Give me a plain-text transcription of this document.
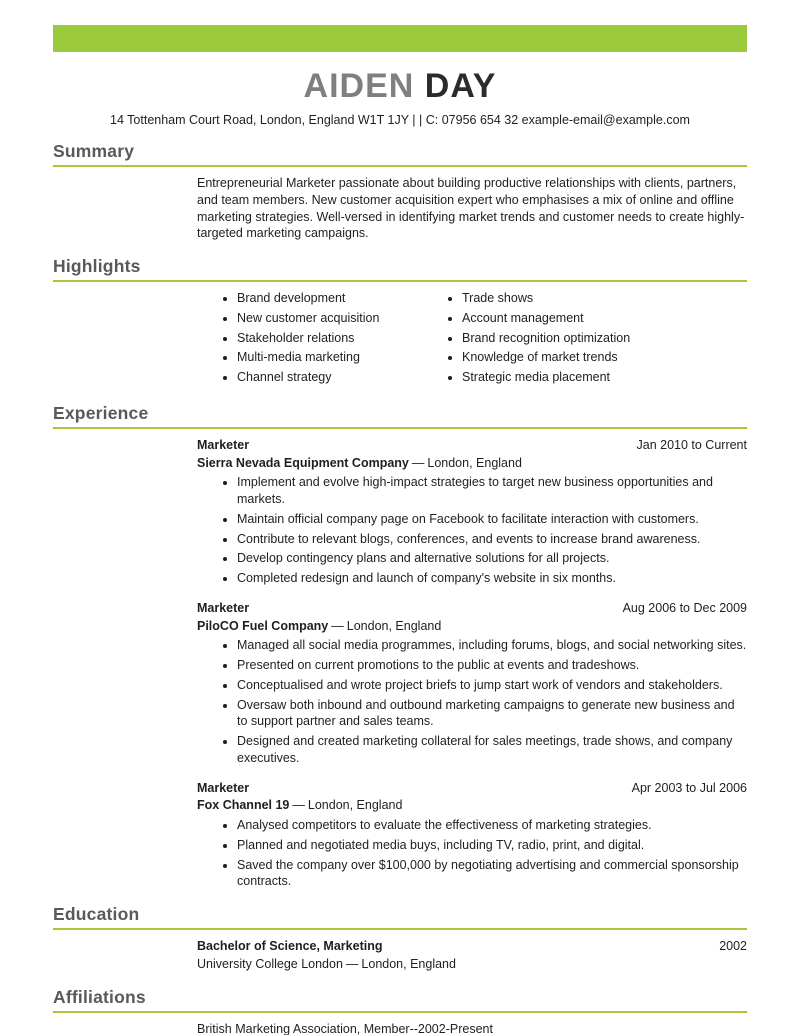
AIDEN DAY
14 Tottenham Court Road, London, England W1T 1JY | | C: 07956 654 32 example-email@example.com
Summary

Entrepreneurial Marketer passionate about building productive relationships with clients, partners, and team members. New customer acquisition expert who emphasises a mix of online and offline marketing strategies. Well-versed in identifying market trends and customer needs to create highly-targeted marketing campaigns.

Highlights
• Brand development
• New customer acquisition
• Stakeholder relations
• Multi-media marketing
• Channel strategy
• Trade shows
• Account management
• Brand recognition optimization
• Knowledge of market trends
• Strategic media placement
Experience
Marketer	Jan 2010 to Current
Sierra Nevada Equipment Company — London, England
• Implement and evolve high-impact strategies to target new business opportunities and markets.
• Maintain official company page on Facebook to facilitate interaction with customers.
• Contribute to relevant blogs, conferences, and events to increase brand awareness.
• Develop contingency plans and alternative solutions for all projects.
• Completed redesign and launch of company's website in six months.
Marketer	Aug 2006 to Dec 2009
PiloCO Fuel Company — London, England
• Managed all social media programmes, including forums, blogs, and social networking sites.
• Presented on current promotions to the public at events and tradeshows.
• Conceptualised and wrote project briefs to jump start work of vendors and stakeholders.
• Oversaw both inbound and outbound marketing campaigns to generate new business and to support partner and sales teams.
• Designed and created marketing collateral for sales meetings, trade shows, and company executives.
Marketer	Apr 2003 to Jul 2006
Fox Channel 19 — London, England
• Analysed competitors to evaluate the effectiveness of marketing strategies.
• Planned and negotiated media buys, including TV, radio, print, and digital.
• Saved the company over $100,000 by negotiating advertising and commercial sponsorship contracts.
Education
Bachelor of Science, Marketing	2002
University College London — London, England
Affiliations

British Marketing Association, Member--2002-Present
